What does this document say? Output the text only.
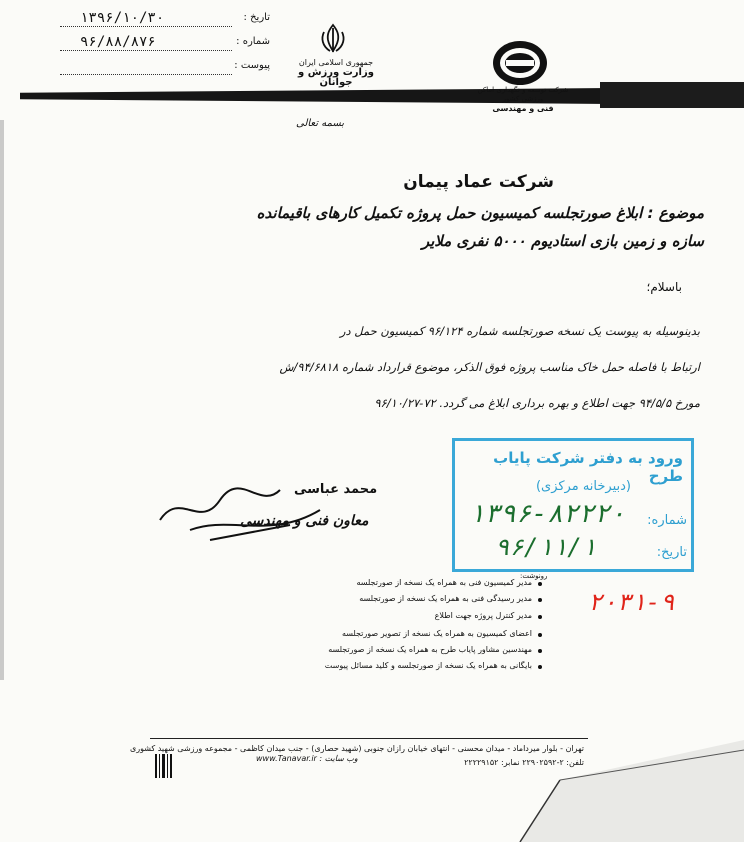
تاریخ :
۱۳۹۶/۱۰/۳۰
شماره :
۹۶/۸۸/۸۷۶
پیوست :	جمهوری اسلامی ایران
وزارت ورزش و جوانان
شرکت توسعه و نگهداری اماکن ورزشی کشور
فنی و مهندسی
بسمه تعالی
شرکت عماد پیمان
موضوع : ابلاغ صورتجلسه کمیسیون حمل پروژه تکمیل کارهای باقیمانده
سازه و زمین بازی استادیوم ۵۰۰۰ نفری ملایر
باسلام؛
بدینوسیله به پیوست یک نسخه صورتجلسه شماره ۹۶/۱۲۴ کمیسیون حمل در
ارتباط با فاصله حمل خاک مناسب پروژه فوق الذکر، موضوع قرارداد شماره ۹۴/۶۸۱۸/ش
مورخ ۹۴/۵/۵ جهت اطلاع و بهره برداری ابلاغ می گردد. ۷۲-۹۶/۱۰/۲۷
محمد عباسی
معاون فنی و مهندسی
ورود به دفتر شرکت پایاب طرح
(دبیرخانه مرکزی)
شماره:
تاریخ:
۱۳۹۶-۸۲۲۲۰
۹۶/۱۱/۱
رونوشت:
۲۰۳۱-۹
مدیر کمیسیون فنی به همراه یک نسخه از صورتجلسه
مدیر رسیدگی فنی به همراه یک نسخه از صورتجلسه
مدیر کنترل پروژه جهت اطلاع
اعضای کمیسیون به همراه یک نسخه از تصویر صورتجلسه
مهندسین مشاور پایاب طرح به همراه یک نسخه از صورتجلسه
بایگانی به همراه یک نسخه از صورتجلسه و کلید مسائل پیوست
تهران - بلوار میرداماد - میدان محسنی - انتهای خیابان رازان جنوبی (شهید حصاری) - جنب میدان کاظمی - مجموعه ورزشی شهید کشوری
تلفن: ۲-۲۲۹۰۲۵۹۲ نمابر: ۲۲۲۲۹۱۵۲
www.Tanavar.ir : وب سایت
